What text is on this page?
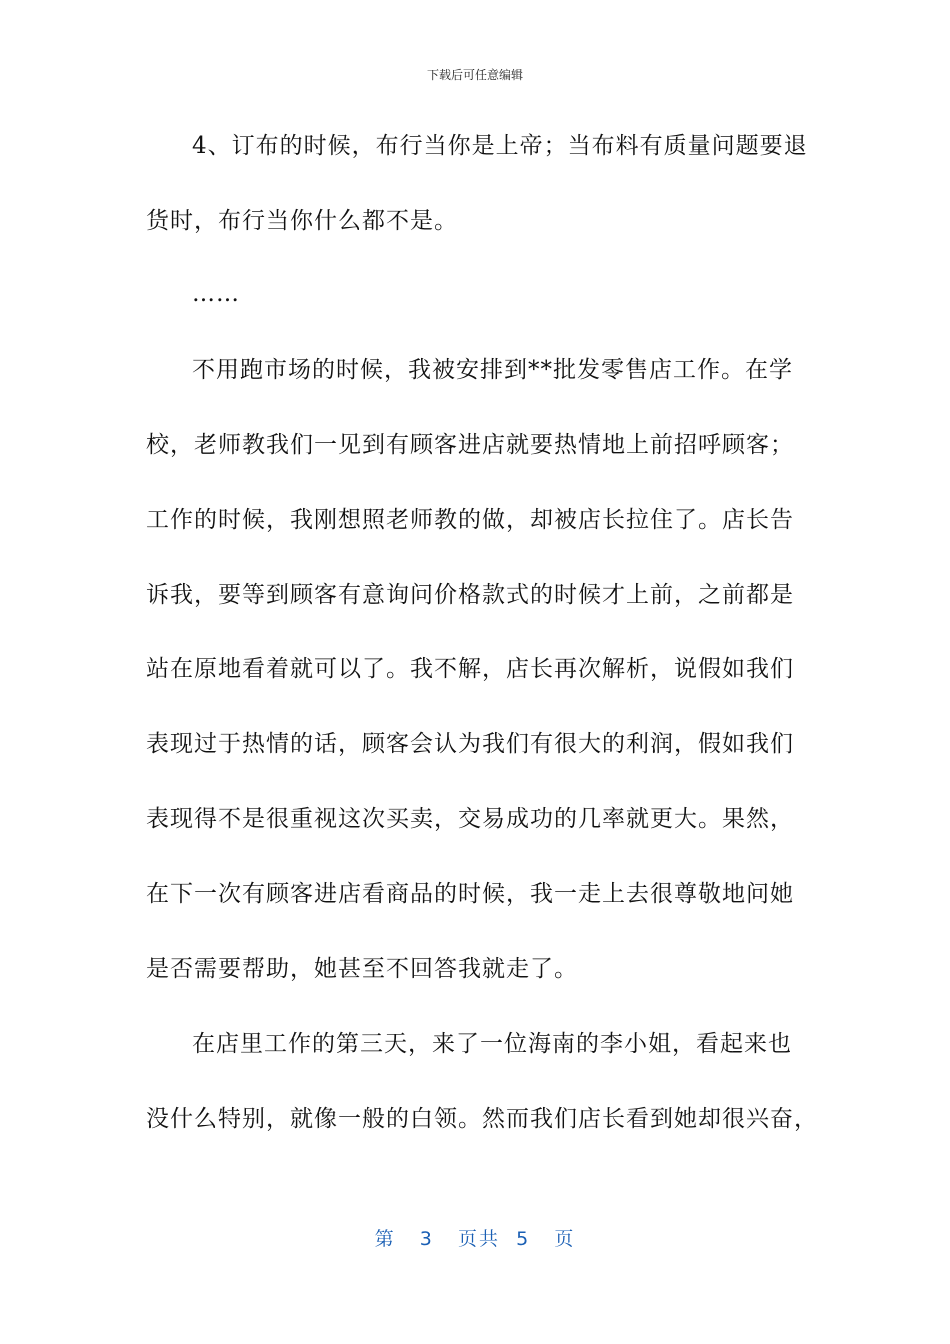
下载后可任意编辑
4、订布的时候，布行当你是上帝；当布料有质量问题要退
货时，布行当你什么都不是。
……
不用跑市场的时候，我被安排到**批发零售店工作。在学
校，老师教我们一见到有顾客进店就要热情地上前招呼顾客；
工作的时候，我刚想照老师教的做，却被店长拉住了。店长告
诉我，要等到顾客有意询问价格款式的时候才上前，之前都是
站在原地看着就可以了。我不解，店长再次解析，说假如我们
表现过于热情的话，顾客会认为我们有很大的利润，假如我们
表现得不是很重视这次买卖，交易成功的几率就更大。果然，
在下一次有顾客进店看商品的时候，我一走上去很尊敬地问她
是否需要帮助，她甚至不回答我就走了。
在店里工作的第三天，来了一位海南的李小姐，看起来也
没什么特别，就像一般的白领。然而我们店长看到她却很兴奋，
第 3 页共 5 页
